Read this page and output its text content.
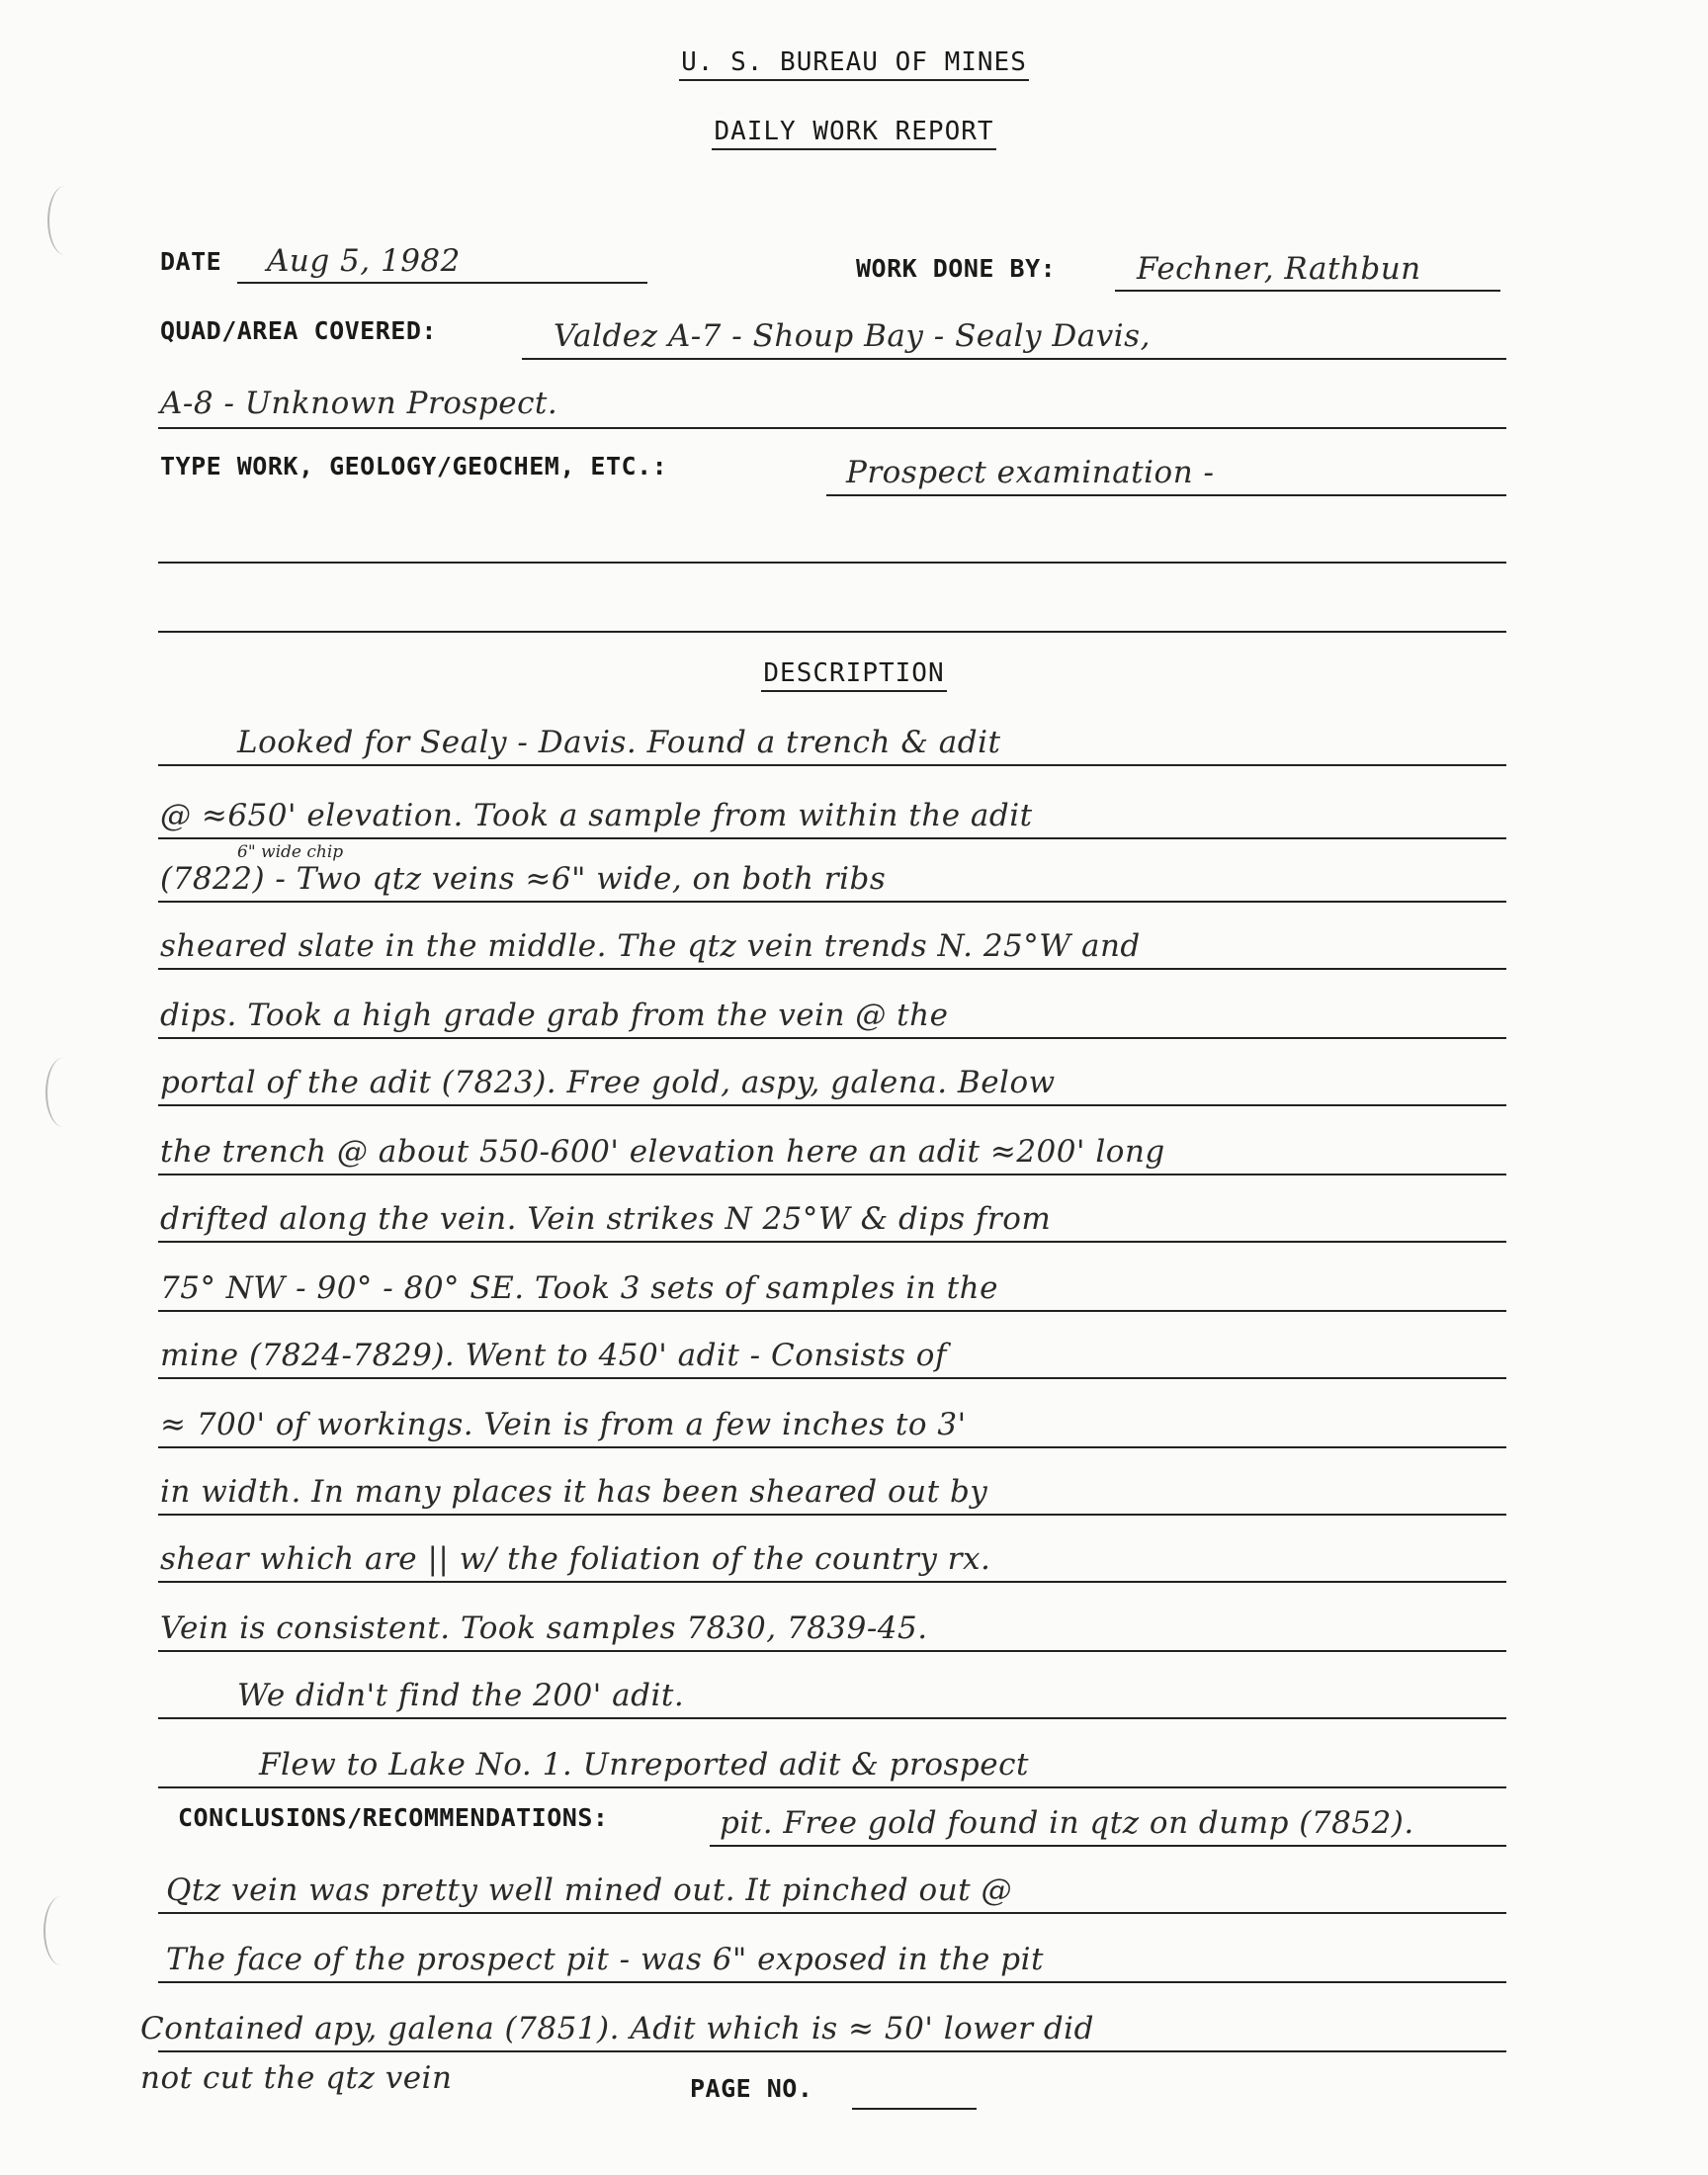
U. S. BUREAU OF MINES
DAILY WORK REPORT
DATE Aug 5, 1982	WORK DONE BY:	Fechner, Rathbun
QUAD/AREA COVERED:	Valdez A-7 - Shoup Bay - Sealy Davis,
A-8 - Unknown Prospect.
TYPE WORK, GEOLOGY/GEOCHEM, ETC.:	Prospect examination -
DESCRIPTION
Looked for Sealy - Davis. Found a trench & adit
@ ≈650' elevation. Took a sample from within the adit
6" wide chip
(7822) - Two qtz veins ≈6" wide, on both ribs
sheared slate in the middle. The qtz vein trends N. 25°W and
dips. Took a high grade grab from the vein @ the
portal of the adit (7823). Free gold, aspy, galena. Below
the trench @ about 550-600' elevation here an adit ≈200' long
drifted along the vein. Vein strikes N 25°W & dips from
75° NW - 90° - 80° SE. Took 3 sets of samples in the
mine (7824-7829). Went to 450' adit - Consists of
≈ 700' of workings. Vein is from a few inches to 3'
in width. In many places it has been sheared out by
shear which are || w/ the foliation of the country rx.
Vein is consistent. Took samples 7830, 7839-45.
We didn't find the 200' adit.
Flew to Lake No. 1. Unreported adit & prospect
CONCLUSIONS/RECOMMENDATIONS:	pit. Free gold found in qtz on dump (7852).
Qtz vein was pretty well mined out. It pinched out @
The face of the prospect pit - was 6" exposed in the pit
Contained apy, galena (7851). Adit which is ≈ 50' lower did
not cut the qtz vein	PAGE NO.
